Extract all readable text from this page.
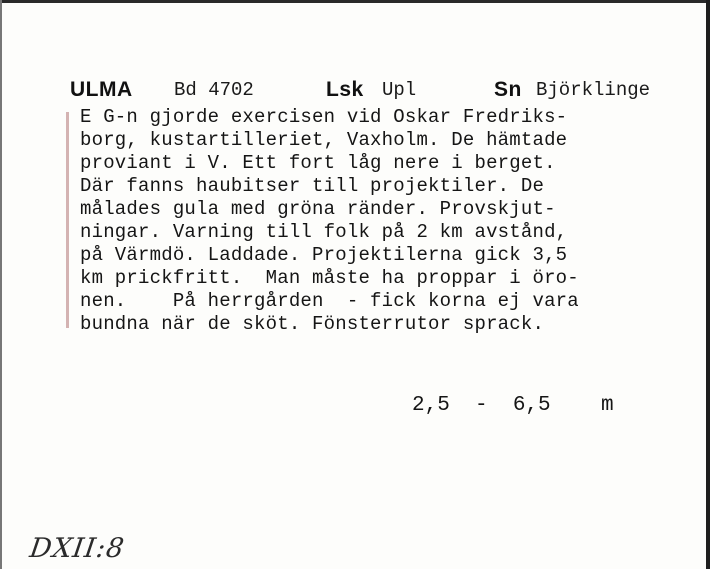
ULMA Bd 4702	Lsk Upl	Sn Björklinge
E G-n gjorde exercisen vid Oskar Fredriks-
borg, kustartilleriet, Vaxholm. De hämtade
proviant i V. Ett fort låg nere i berget.
Där fanns haubitser till projektiler. De
målades gula med gröna ränder. Provskjut-
ningar. Varning till folk på 2 km avstånd,
på Värmdö. Laddade. Projektilerna gick 3,5
km prickfritt.  Man måste ha proppar i öro-
nen.    På herrgården  - fick korna ej vara
bundna när de sköt. Fönsterrutor sprack.
2,5  -  6,5    m
DXII:8
